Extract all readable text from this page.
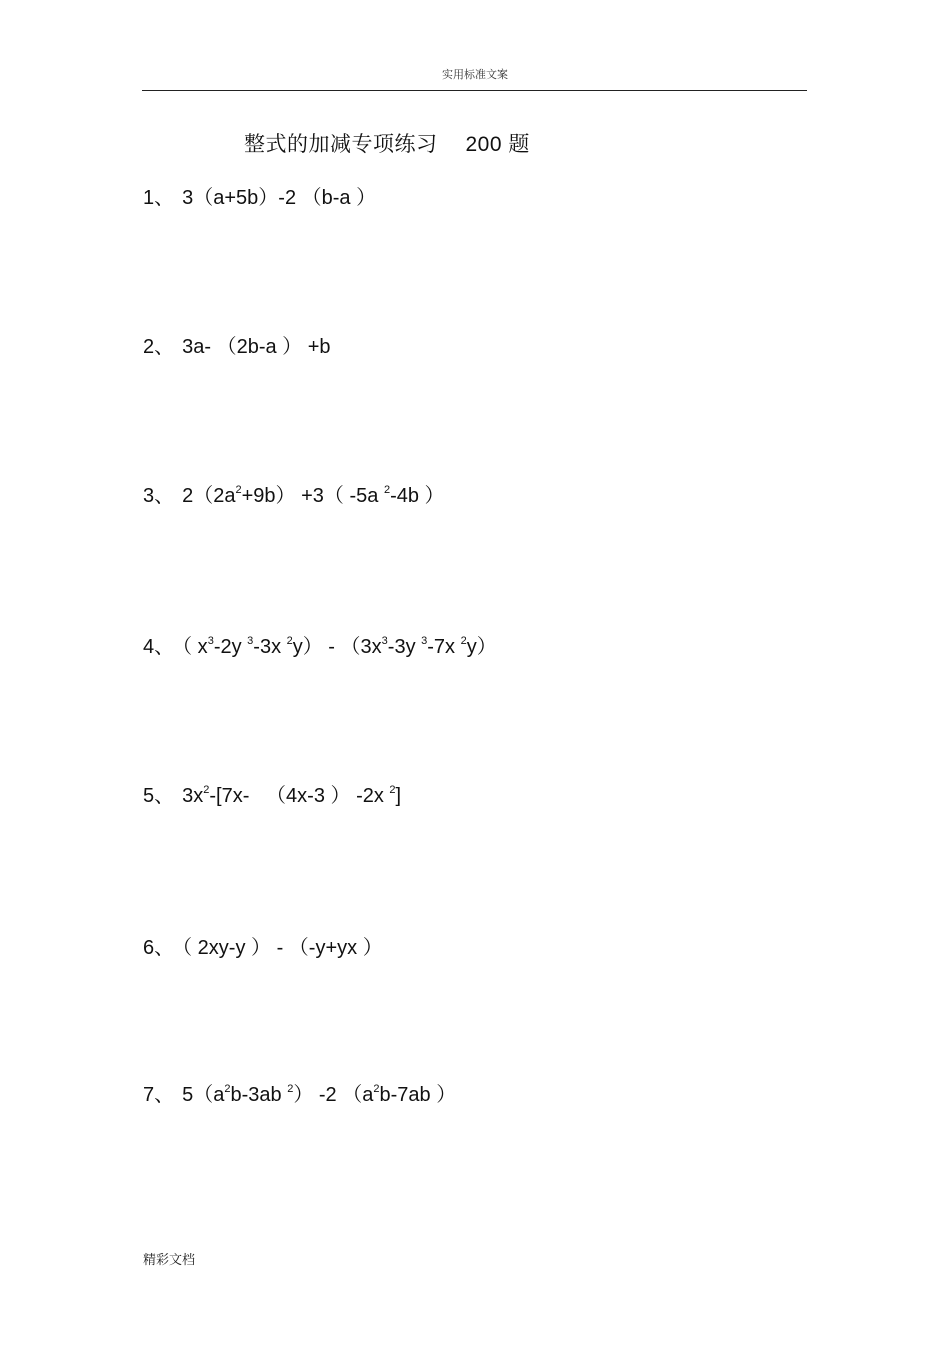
实用标准文案
整式的加减专项练习 200 题
1、 3（a+5b）-2 （b-a ）
2、 3a- （2b-a ） +b
3、 $2(2a^2+9b) +3$（ -5a $^2$-4b ）
4、 （ $x^3-2y$ $^3$-3x $^2y) - (3x^3-3y$ $^3$-7x $^2$y）
5、 $3x^2-[7x-$   （4x-3 ） -2x $^2$]
6、 （ 2xy-y ） - （-y+yx ）
7、 $5(a^2b-3ab$ $^2$） -2 （$a^2b-7ab$ ）
精彩文档
